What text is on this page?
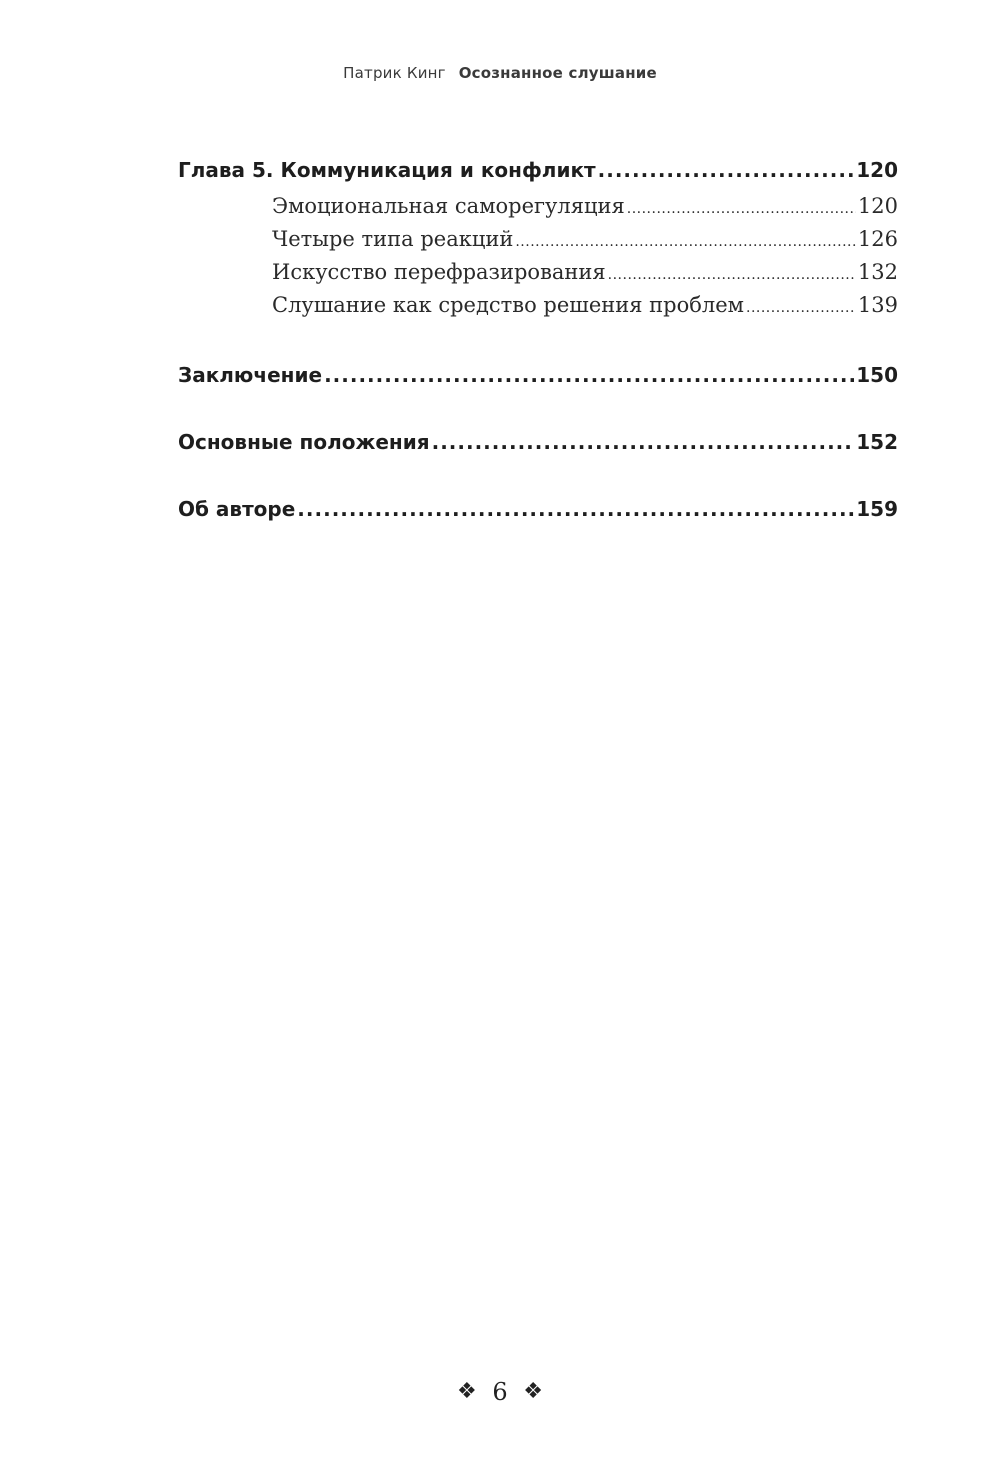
Патрик Кинг Осознанное слушание
Глава 5. Коммуникация и конфликт .....	120
Эмоциональная саморегуляция .....	120
Четыре типа реакций .....	126
Искусство перефразирования .....	132
Слушание как средство решения проблем .....	139
Заключение .....	150
Основные положения .....	152
Об авторе .....	159
❖ 6 ❖
